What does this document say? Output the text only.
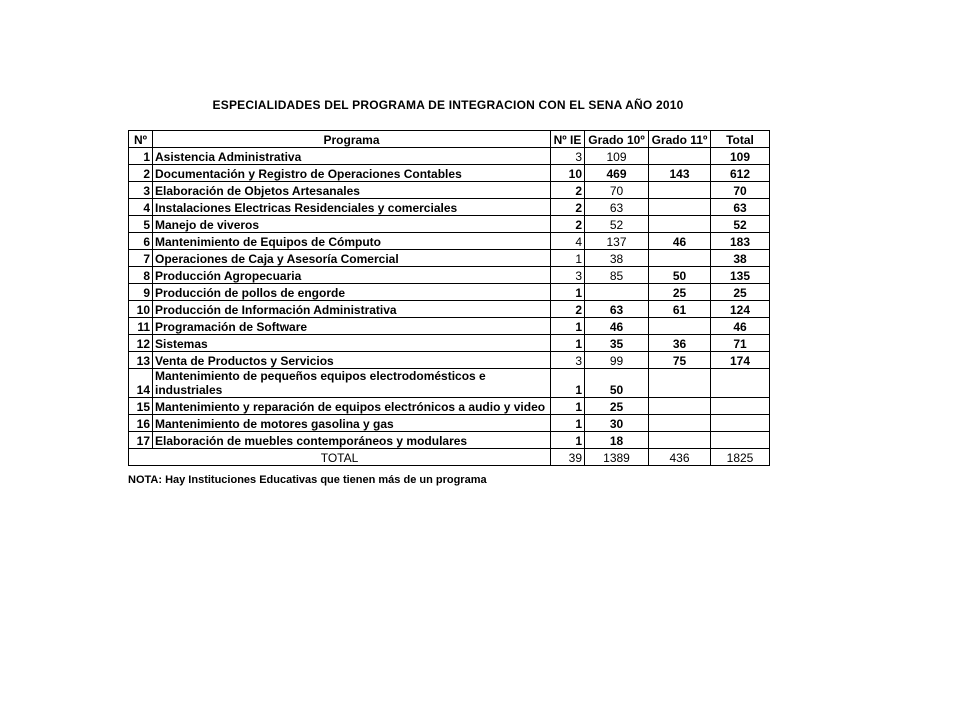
ESPECIALIDADES DEL PROGRAMA DE INTEGRACION CON EL SENA AÑO 2010
Nº	Programa	Nº IE	Grado 10º	Grado 11º	Total
1	Asistencia Administrativa	3	109		109
2	Documentación y Registro de Operaciones Contables	10	469	143	612
3	Elaboración de Objetos Artesanales	2	70		70
4	Instalaciones Electricas Residenciales y comerciales	2	63		63
5	Manejo de viveros	2	52		52
6	Mantenimiento de Equipos de Cómputo	4	137	46	183
7	Operaciones de Caja y Asesoría Comercial	1	38		38
8	Producción Agropecuaria	3	85	50	135
9	Producción de pollos de engorde	1		25	25
10	Producción de Información Administrativa	2	63	61	124
11	Programación de Software	1	46		46
12	Sistemas	1	35	36	71
13	Venta de Productos y Servicios	3	99	75	174
14	Mantenimiento de pequeños equipos electrodomésticos e industriales	1	50		
15	Mantenimiento y reparación de equipos electrónicos a audio y video	1	25		
16	Mantenimiento de motores gasolina y gas	1	30		
17	Elaboración de muebles contemporáneos y modulares	1	18		
TOTAL		39	1389	436	1825
NOTA: Hay Instituciones Educativas que tienen más de un programa
